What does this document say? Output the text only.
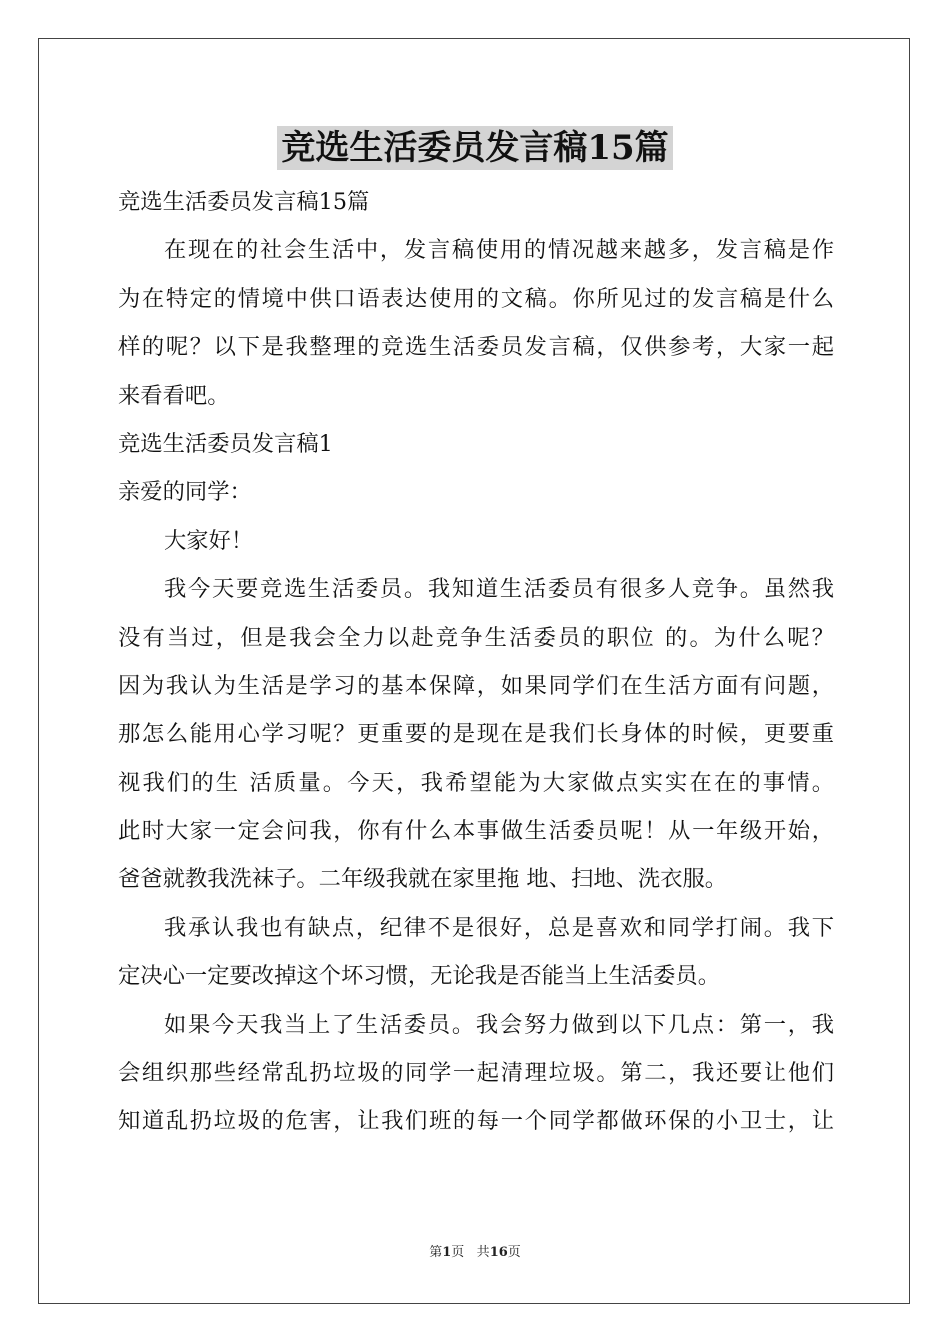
竞选生活委员发言稿15篇
竞选生活委员发言稿15篇
在现在的社会生活中，发言稿使用的情况越来越多，发言稿是作
为在特定的情境中供口语表达使用的文稿。你所见过的发言稿是什么
样的呢？以下是我整理的竞选生活委员发言稿，仅供参考，大家一起
来看看吧。
竞选生活委员发言稿1
亲爱的同学：
大家好！
我今天要竞选生活委员。我知道生活委员有很多人竞争。虽然我
没有当过，但是我会全力以赴竞争生活委员的职位 的。为什么呢？
因为我认为生活是学习的基本保障，如果同学们在生活方面有问题，
那怎么能用心学习呢？更重要的是现在是我们长身体的时候，更要重
视我们的生 活质量。今天，我希望能为大家做点实实在在的事情。
此时大家一定会问我，你有什么本事做生活委员呢！从一年级开始，
爸爸就教我洗袜子。二年级我就在家里拖 地、扫地、洗衣服。
我承认我也有缺点，纪律不是很好，总是喜欢和同学打闹。我下
定决心一定要改掉这个坏习惯，无论我是否能当上生活委员。
如果今天我当上了生活委员。我会努力做到以下几点：第一，我
会组织那些经常乱扔垃圾的同学一起清理垃圾。第二，我还要让他们
知道乱扔垃圾的危害，让我们班的每一个同学都做环保的小卫士，让
第1页 共16页
